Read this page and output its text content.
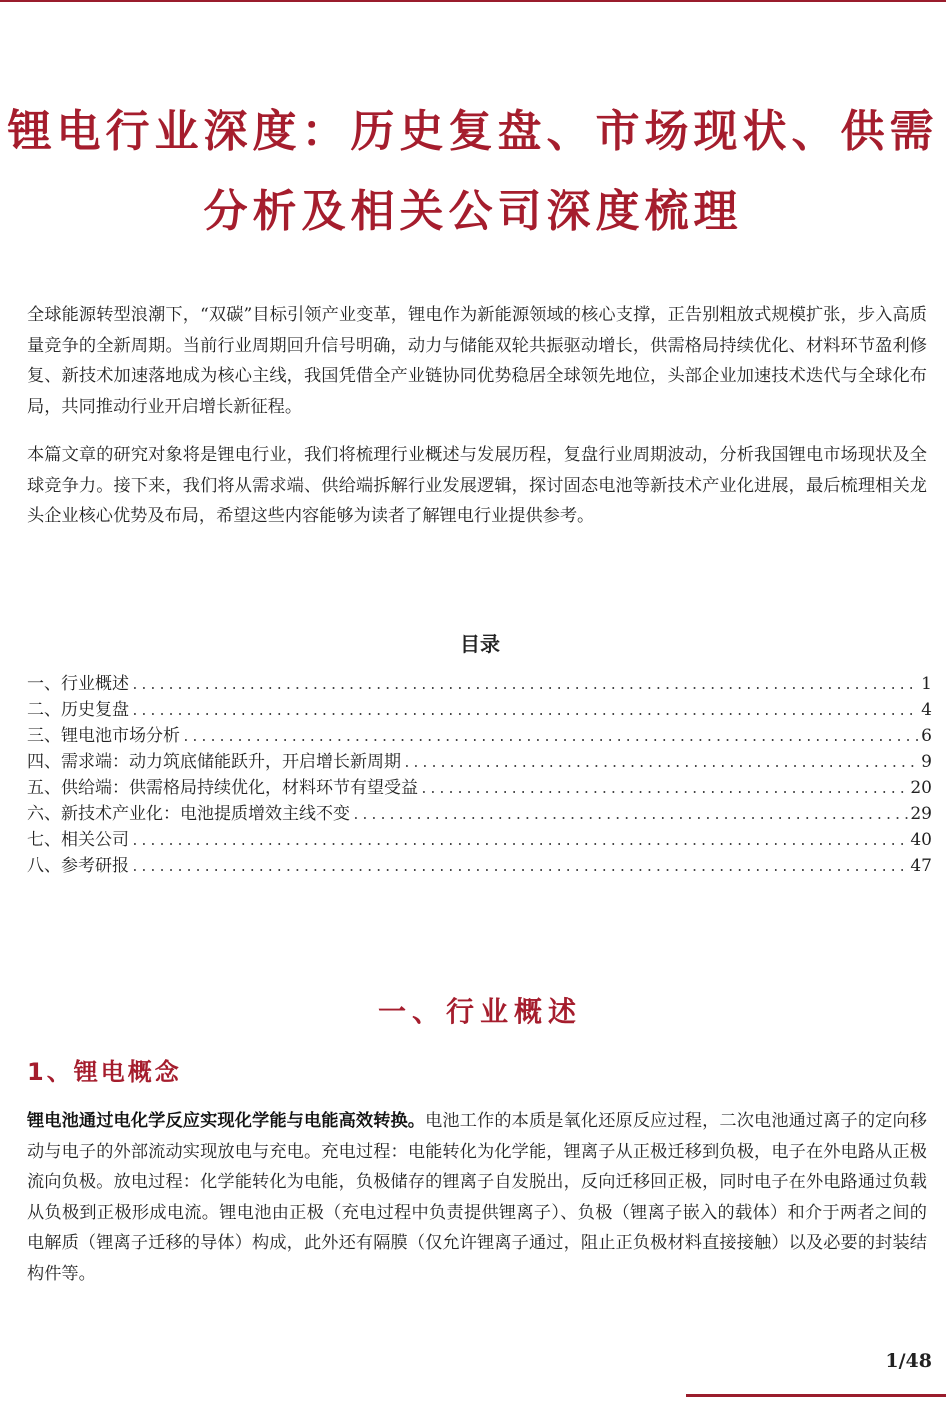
锂电行业深度：历史复盘、市场现状、供需
分析及相关公司深度梳理

全球能源转型浪潮下，“双碳”目标引领产业变革，锂电作为新能源领域的核心支撑，正告别粗放式规模扩张，步入高质量竞争的全新周期。当前行业周期回升信号明确，动力与储能双轮共振驱动增长，供需格局持续优化、材料环节盈利修复、新技术加速落地成为核心主线，我国凭借全产业链协同优势稳居全球领先地位，头部企业加速技术迭代与全球化布局，共同推动行业开启增长新征程。

本篇文章的研究对象将是锂电行业，我们将梳理行业概述与发展历程，复盘行业周期波动，分析我国锂电市场现状及全球竞争力。接下来，我们将从需求端、供给端拆解行业发展逻辑，探讨固态电池等新技术产业化进展，最后梳理相关龙头企业核心优势及布局，希望这些内容能够为读者了解锂电行业提供参考。

目录
一、行业概述 .....	1
二、历史复盘 .....	4
三、锂电池市场分析 .....	6
四、需求端：动力筑底储能跃升，开启增长新周期 .....	9
五、供给端：供需格局持续优化，材料环节有望受益 .....	20
六、新技术产业化：电池提质增效主线不变 .....	29
七、相关公司 .....	40
八、参考研报 .....	47
一、行业概述
1、锂电概念

锂电池通过电化学反应实现化学能与电能高效转换。电池工作的本质是氧化还原反应过程，二次电池通过离子的定向移动与电子的外部流动实现放电与充电。充电过程：电能转化为化学能，锂离子从正极迁移到负极，电子在外电路从正极流向负极。放电过程：化学能转化为电能，负极储存的锂离子自发脱出，反向迁移回正极，同时电子在外电路通过负载从负极到正极形成电流。锂电池由正极（充电过程中负责提供锂离子）、负极（锂离子嵌入的载体）和介于两者之间的电解质（锂离子迁移的导体）构成，此外还有隔膜（仅允许锂离子通过，阻止正负极材料直接接触）以及必要的封装结构件等。

1/48
